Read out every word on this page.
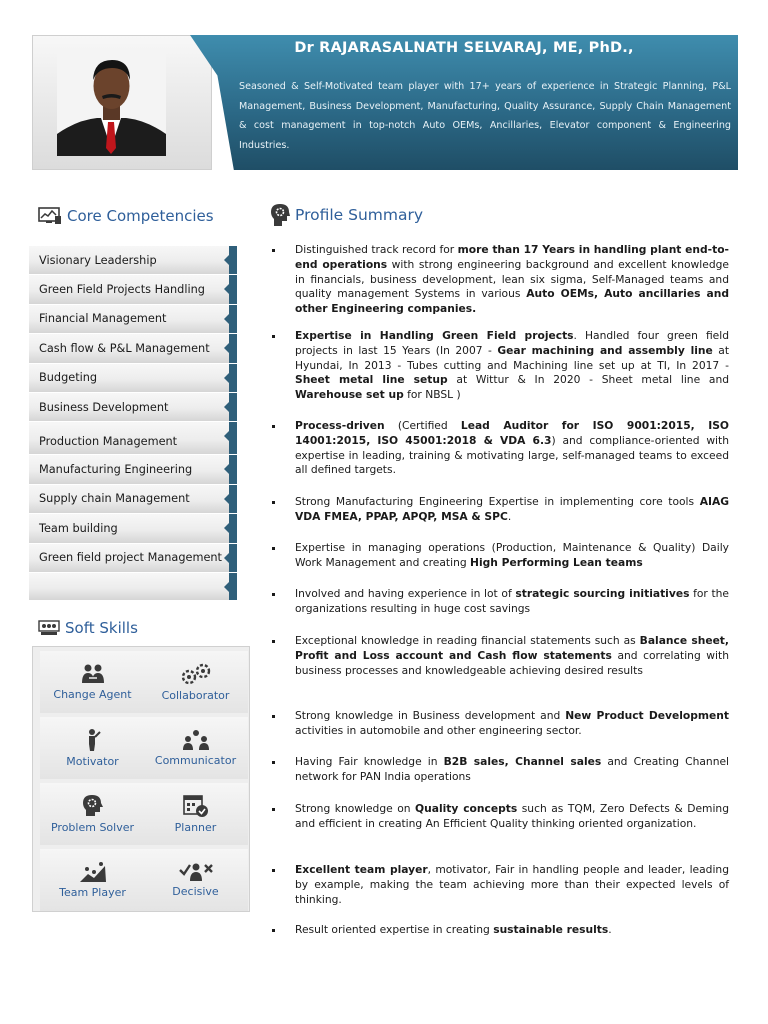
Dr RAJARASALNATH SELVARAJ, ME, PhD.,
Seasoned & Self-Motivated team player with 17+ years of experience in Strategic Planning, P&L Management, Business Development, Manufacturing, Quality Assurance, Supply Chain Management & cost management in top-notch Auto OEMs, Ancillaries, Elevator component & Engineering Industries.
Core Competencies
Visionary Leadership
Green Field Projects Handling
Financial Management
Cash flow & P&L Management
Budgeting
Business Development
Production Management
Manufacturing Engineering
Supply chain Management
Team building
Green field project Management
Soft Skills
Change Agent	Collaborator
Motivator	Communicator
Problem Solver	Planner
Team Player	Decisive
Profile Summary
Distinguished track record for more than 17 Years in handling plant end-to-end operations with strong engineering background and excellent knowledge in financials, business development, lean six sigma, Self-Managed teams and quality management Systems in various Auto OEMs, Auto ancillaries and other Engineering companies.
Expertise in Handling Green Field projects. Handled four green field projects in last 15 Years (In 2007 - Gear machining and assembly line at Hyundai, In 2013 - Tubes cutting and Machining line set up at TI, In 2017 - Sheet metal line setup at Wittur & In 2020 - Sheet metal line and Warehouse set up for NBSL )
Process-driven (Certified Lead Auditor for ISO 9001:2015, ISO 14001:2015, ISO 45001:2018 & VDA 6.3) and compliance-oriented with expertise in leading, training & motivating large, self-managed teams to exceed all defined targets.
Strong Manufacturing Engineering Expertise in implementing core tools AIAG VDA FMEA, PPAP, APQP, MSA & SPC.
Expertise in managing operations (Production, Maintenance & Quality) Daily Work Management and creating High Performing Lean teams
Involved and having experience in lot of strategic sourcing initiatives for the organizations resulting in huge cost savings
Exceptional knowledge in reading financial statements such as Balance sheet, Profit and Loss account and Cash flow statements and correlating with business processes and knowledgeable achieving desired results
Strong knowledge in Business development and New Product Development activities in automobile and other engineering sector.
Having Fair knowledge in B2B sales, Channel sales and Creating Channel network for PAN India operations
Strong knowledge on Quality concepts such as TQM, Zero Defects & Deming and efficient in creating An Efficient Quality thinking oriented organization.
Excellent team player, motivator, Fair in handling people and leader, leading by example, making the team achieving more than their expected levels of thinking.
Result oriented expertise in creating sustainable results.
